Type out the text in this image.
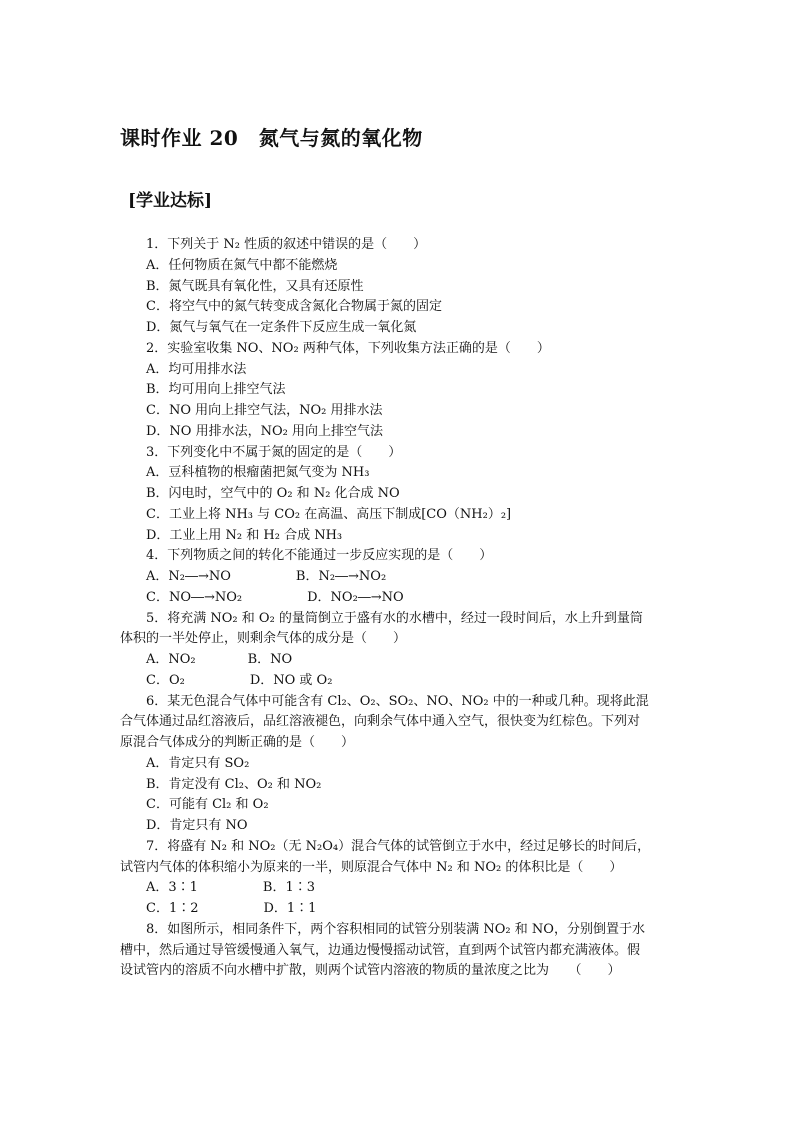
课时作业 20　氮气与氮的氧化物
[学业达标]
1．下列关于 N₂ 性质的叙述中错误的是（　　）
A．任何物质在氮气中都不能燃烧
B．氮气既具有氧化性，又具有还原性
C．将空气中的氮气转变成含氮化合物属于氮的固定
D．氮气与氧气在一定条件下反应生成一氧化氮
2．实验室收集 NO、NO₂ 两种气体，下列收集方法正确的是（　　）
A．均可用排水法
B．均可用向上排空气法
C．NO 用向上排空气法，NO₂ 用排水法
D．NO 用排水法，NO₂ 用向上排空气法
3．下列变化中不属于氮的固定的是（　　）
A．豆科植物的根瘤菌把氮气变为 NH₃
B．闪电时，空气中的 O₂ 和 N₂ 化合成 NO
C．工业上将 NH₃ 与 CO₂ 在高温、高压下制成[CO（NH₂）₂]
D．工业上用 N₂ 和 H₂ 合成 NH₃
4．下列物质之间的转化不能通过一步反应实现的是（　　）
A．N₂―→NO　　　　　B．N₂―→NO₂
C．NO―→NO₂　　　　　D．NO₂―→NO
5．将充满 NO₂ 和 O₂ 的量筒倒立于盛有水的水槽中，经过一段时间后，水上升到量筒
体积的一半处停止，则剩余气体的成分是（　　）
A．NO₂　　　　B．NO
C．O₂　　　　　D．NO 或 O₂
6．某无色混合气体中可能含有 Cl₂、O₂、SO₂、NO、NO₂ 中的一种或几种。现将此混
合气体通过品红溶液后，品红溶液褪色，向剩余气体中通入空气，很快变为红棕色。下列对
原混合气体成分的判断正确的是（　　）
A．肯定只有 SO₂
B．肯定没有 Cl₂、O₂ 和 NO₂
C．可能有 Cl₂ 和 O₂
D．肯定只有 NO
7．将盛有 N₂ 和 NO₂（无 N₂O₄）混合气体的试管倒立于水中，经过足够长的时间后，
试管内气体的体积缩小为原来的一半，则原混合气体中 N₂ 和 NO₂ 的体积比是（　　）
A．3∶1　　　　　B．1∶3
C．1∶2　　　　　D．1∶1
8．如图所示，相同条件下，两个容积相同的试管分别装满 NO₂ 和 NO，分别倒置于水
槽中，然后通过导管缓慢通入氧气，边通边慢慢摇动试管，直到两个试管内都充满液体。假
设试管内的溶质不向水槽中扩散，则两个试管内溶液的物质的量浓度之比为　　（　　）
